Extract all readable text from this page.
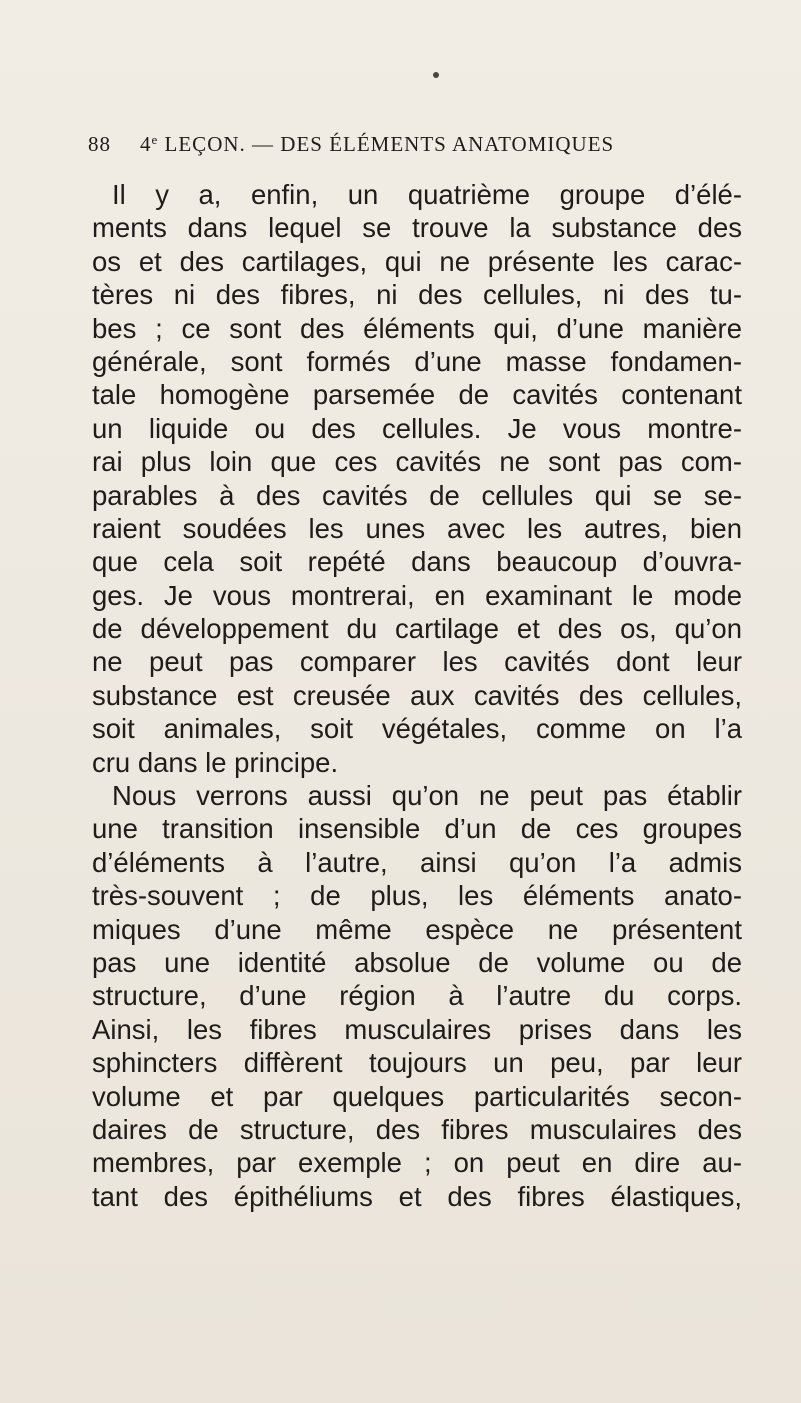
88 4e LEÇON. — DES ÉLÉMENTS ANATOMIQUES
Il y a, enfin, un quatrième groupe d’élé-
ments dans lequel se trouve la substance des
os et des cartilages, qui ne présente les carac-
tères ni des fibres, ni des cellules, ni des tu-
bes ; ce sont des éléments qui, d’une manière
générale, sont formés d’une masse fondamen-
tale homogène parsemée de cavités contenant
un liquide ou des cellules. Je vous montre-
rai plus loin que ces cavités ne sont pas com-
parables à des cavités de cellules qui se se-
raient soudées les unes avec les autres, bien
que cela soit repété dans beaucoup d’ouvra-
ges. Je vous montrerai, en examinant le mode
de développement du cartilage et des os, qu’on
ne peut pas comparer les cavités dont leur
substance est creusée aux cavités des cellules,
soit animales, soit végétales, comme on l’a
cru dans le principe.
Nous verrons aussi qu’on ne peut pas établir
une transition insensible d’un de ces groupes
d’éléments à l’autre, ainsi qu’on l’a admis
très-souvent ; de plus, les éléments anato-
miques d’une même espèce ne présentent
pas une identité absolue de volume ou de
structure, d’une région à l’autre du corps.
Ainsi, les fibres musculaires prises dans les
sphincters diffèrent toujours un peu, par leur
volume et par quelques particularités secon-
daires de structure, des fibres musculaires des
membres, par exemple ; on peut en dire au-
tant des épithéliums et des fibres élastiques,
